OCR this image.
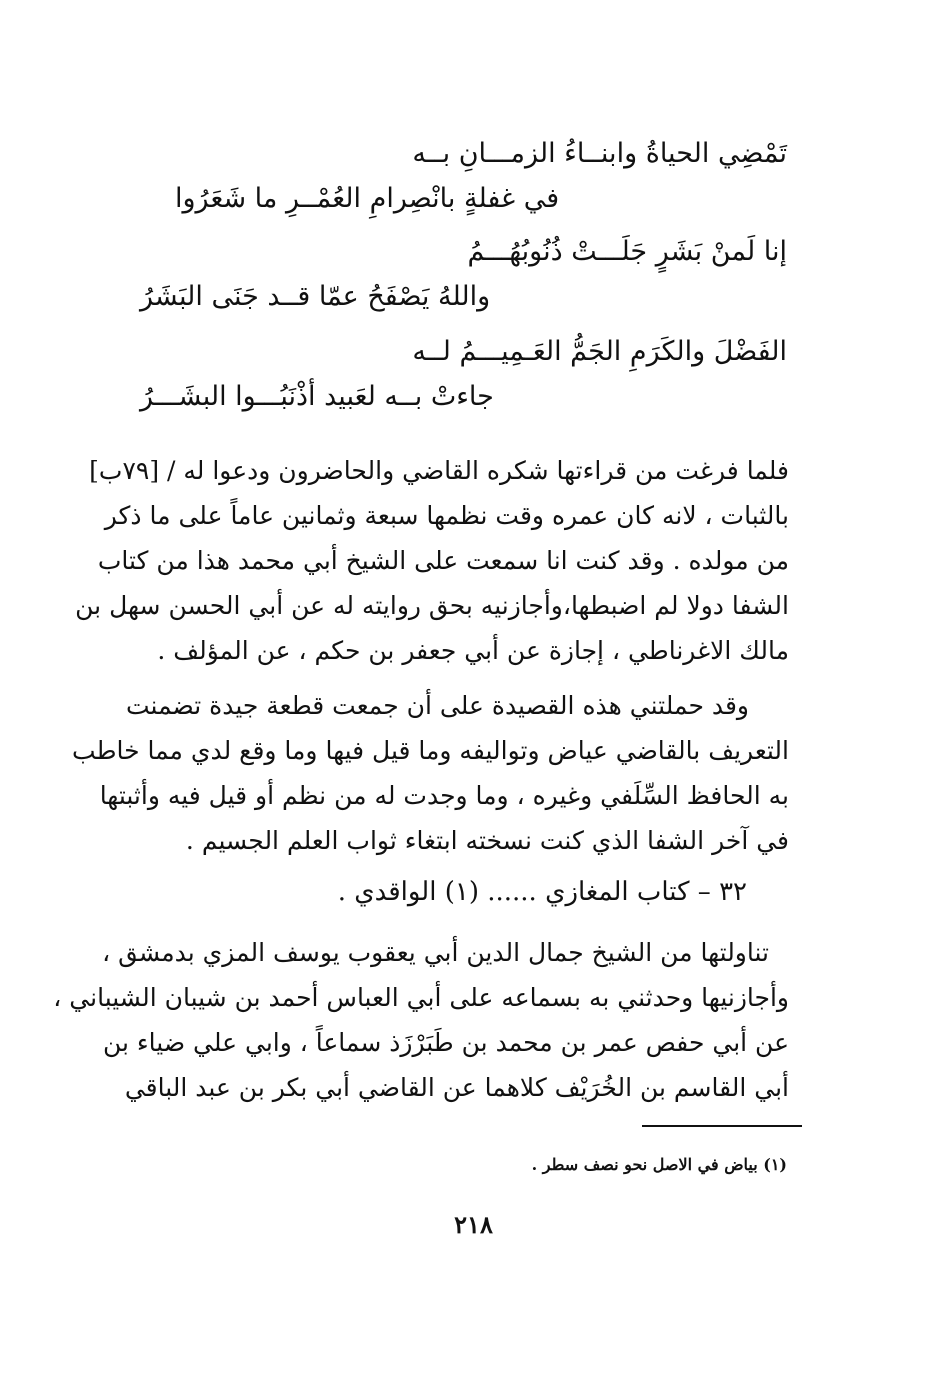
تَمْضِي الحياةُ وابنــاءُ الزمـــانِ بــه
في غفلةٍ بانْصِرامِ العُمْــرِ ما شَعَرُوا
إنا لَمنْ بَشَرٍ جَلَـــتْ ذُنُوبُهُـــمُ
واللهُ يَصْفَحُ عمّا قــد جَنَى البَشَرُ
الفَضْلَ والكَرَمِ الجَمُّ العَـمِيـــمُ لــه
جاءتْ بــه لعَبيد أذْنَبُـــوا البشَـــرُ
فلما فرغت من قراءتها شكره القاضي والحاضرون ودعوا له / [٧٩ب]
بالثبات ، لانه كان عمره وقت نظمها سبعة وثمانين عاماً على ما ذكر
من مولده . وقد كنت انا سمعت على الشيخ أبي محمد هذا من كتاب
الشفا دولا لم اضبطها،وأجازنيه بحق روايته له عن أبي الحسن سهل بن
مالك الاغرناطي ، إجازة عن أبي جعفر بن حكم ، عن المؤلف .
وقد حملتني هذه القصيدة على أن جمعت قطعة جيدة تضمنت
التعريف بالقاضي عياض وتواليفه وما قيل فيها وما وقع لدي مما خاطب
به الحافظ السِّلَفي وغيره ، وما وجدت له من نظم أو قيل فيه وأثبتها
في آخر الشفا الذي كنت نسخته ابتغاء ثواب العلم الجسيم .
٣٢ – كتاب المغازي ...... (١) الواقدي .
تناولتها من الشيخ جمال الدين أبي يعقوب يوسف المزي بدمشق ،
وأجازنيها وحدثني به بسماعه على أبي العباس أحمد بن شيبان الشيباني ،
عن أبي حفص عمر بن محمد بن طَبَرْزَذ سماعاً ، وابي علي ضياء بن
أبي القاسم بن الخُرَيْف كلاهما عن القاضي أبي بكر بن عبد الباقي
(١) بياض في الاصل نحو نصف سطر .
٢١٨
